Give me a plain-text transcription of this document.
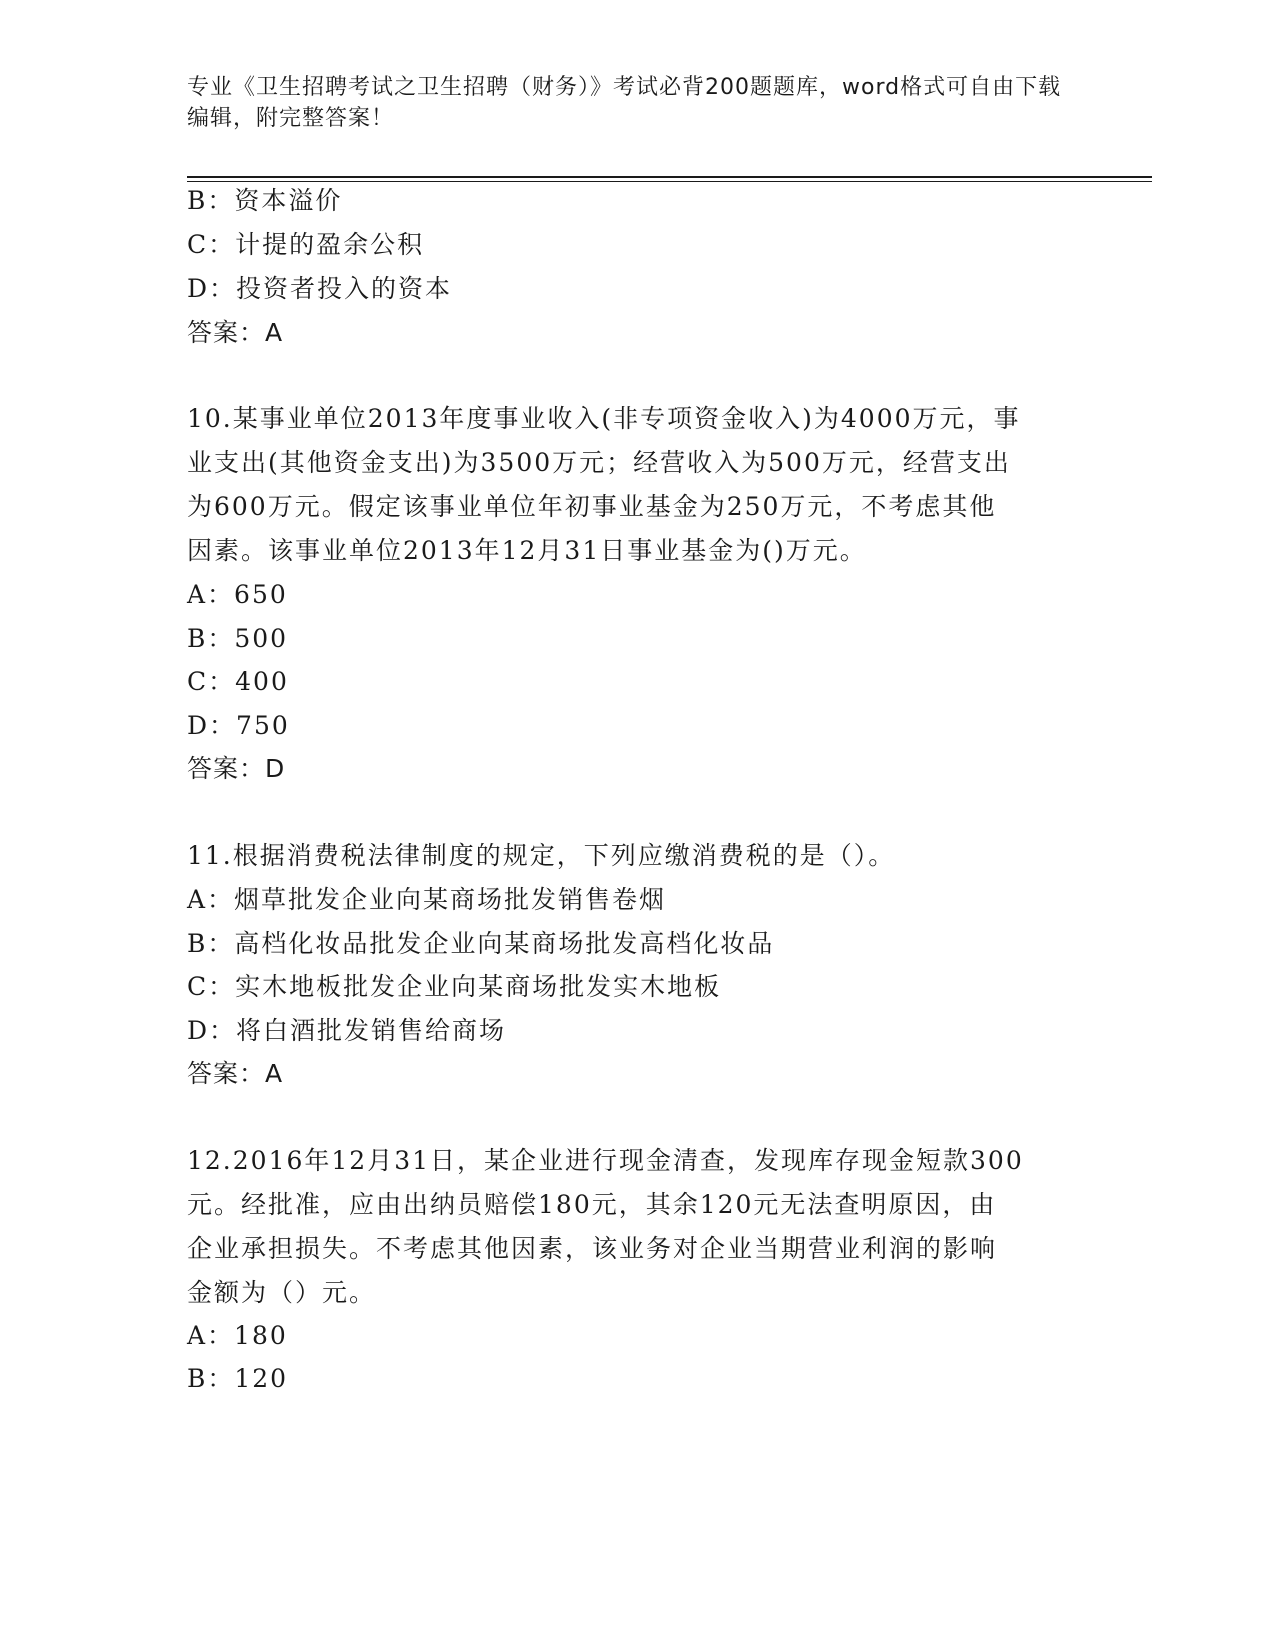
专业《卫生招聘考试之卫生招聘（财务）》考试必背200题题库，word格式可自由下载编辑，附完整答案！
B：资本溢价
C：计提的盈余公积
D：投资者投入的资本
答案：A
10.某事业单位2013年度事业收入(非专项资金收入)为4000万元，事
业支出(其他资金支出)为3500万元；经营收入为500万元，经营支出
为600万元。假定该事业单位年初事业基金为250万元，不考虑其他
因素。该事业单位2013年12月31日事业基金为()万元。
A：650
B：500
C：400
D：750
答案：D
11.根据消费税法律制度的规定，下列应缴消费税的是（）。
A：烟草批发企业向某商场批发销售卷烟
B：高档化妆品批发企业向某商场批发高档化妆品
C：实木地板批发企业向某商场批发实木地板
D：将白酒批发销售给商场
答案：A
12.2016年12月31日，某企业进行现金清查，发现库存现金短款300
元。经批准，应由出纳员赔偿180元，其余120元无法查明原因，由
企业承担损失。不考虑其他因素，该业务对企业当期营业利润的影响
金额为（）元。
A：180
B：120
